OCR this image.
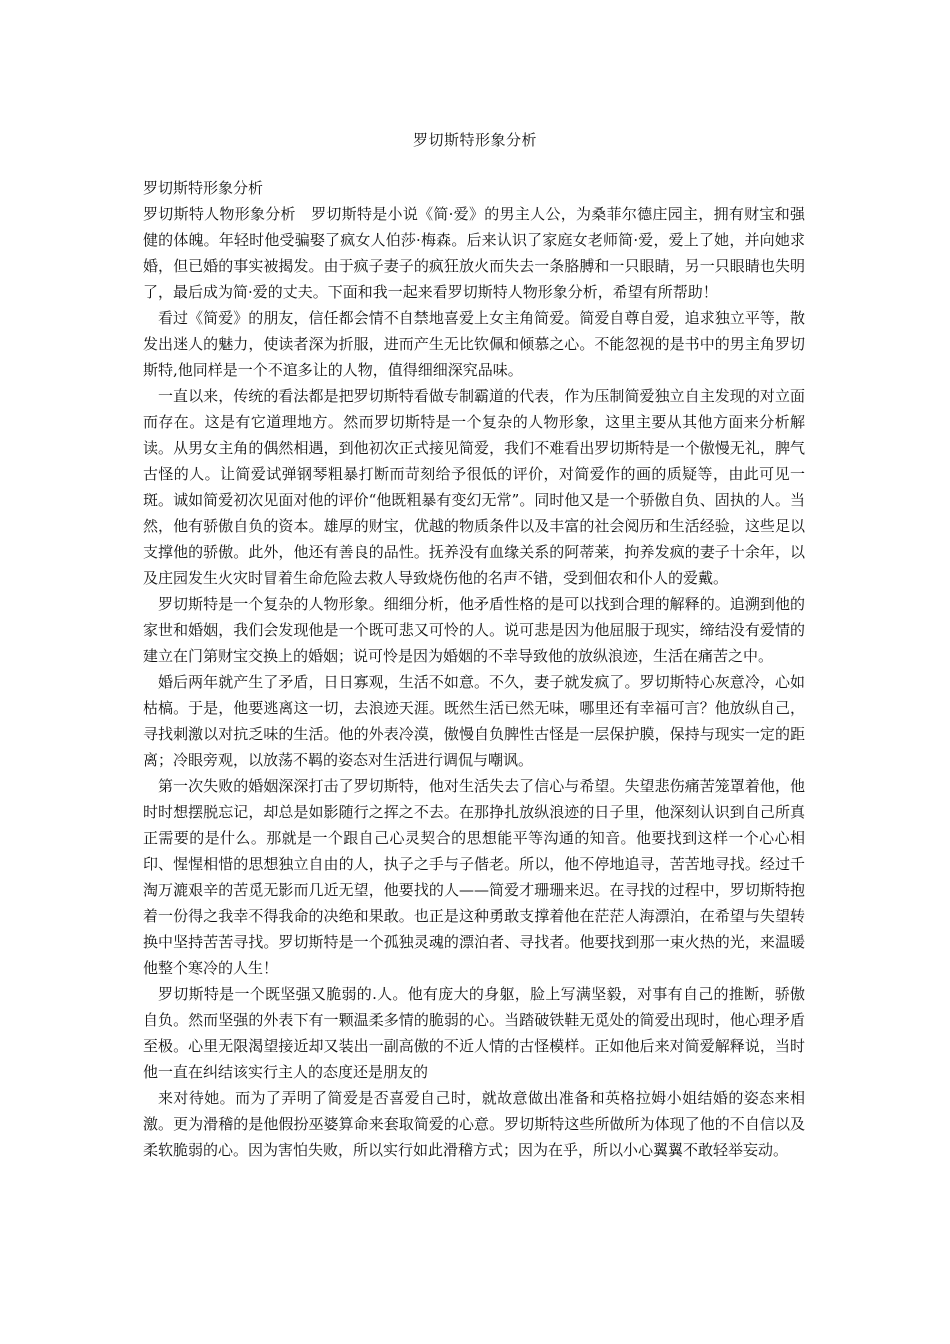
罗切斯特形象分析

罗切斯特形象分析

罗切斯特人物形象分析　罗切斯特是小说《简·爱》的男主人公，为桑菲尔德庄园主，拥有财宝和强健的体魄。年轻时他受骗娶了疯女人伯莎·梅森。后来认识了家庭女老师简·爱，爱上了她，并向她求婚，但已婚的事实被揭发。由于疯子妻子的疯狂放火而失去一条胳膊和一只眼睛，另一只眼睛也失明了，最后成为简·爱的丈夫。下面和我一起来看罗切斯特人物形象分析，希望有所帮助！

看过《简爱》的朋友，信任都会情不自禁地喜爱上女主角简爱。简爱自尊自爱，追求独立平等，散发出迷人的魅力，使读者深为折服，进而产生无比钦佩和倾慕之心。不能忽视的是书中的男主角罗切斯特,他同样是一个不逭多让的人物，值得细细深究品味。

一直以来，传统的看法都是把罗切斯特看做专制霸道的代表，作为压制简爱独立自主发现的对立面而存在。这是有它道理地方。然而罗切斯特是一个复杂的人物形象，这里主要从其他方面来分析解读。从男女主角的偶然相遇，到他初次正式接见简爱，我们不难看出罗切斯特是一个傲慢无礼，脾气古怪的人。让简爱试弹钢琴粗暴打断而苛刻给予很低的评价，对简爱作的画的质疑等，由此可见一斑。诚如简爱初次见面对他的评价“他既粗暴有变幻无常”。同时他又是一个骄傲自负、固执的人。当然，他有骄傲自负的资本。雄厚的财宝，优越的物质条件以及丰富的社会阅历和生活经验，这些足以支撑他的骄傲。此外，他还有善良的品性。抚养没有血缘关系的阿蒂莱，拘养发疯的妻子十余年，以及庄园发生火灾时冒着生命危险去救人导致烧伤他的名声不错，受到佃农和仆人的爱戴。

罗切斯特是一个复杂的人物形象。细细分析，他矛盾性格的是可以找到合理的解释的。追溯到他的家世和婚姻，我们会发现他是一个既可悲又可怜的人。说可悲是因为他屈服于现实，缔结没有爱情的建立在门第财宝交换上的婚姻；说可怜是因为婚姻的不幸导致他的放纵浪迹，生活在痛苦之中。

婚后两年就产生了矛盾，日日寡观，生活不如意。不久，妻子就发疯了。罗切斯特心灰意冷，心如枯槁。于是，他要逃离这一切，去浪迹天涯。既然生活已然无味，哪里还有幸福可言？他放纵自己，寻找刺激以对抗乏味的生活。他的外表冷漠，傲慢自负脾性古怪是一层保护膜，保持与现实一定的距离；冷眼旁观，以放荡不羁的姿态对生活进行调侃与嘲讽。

第一次失败的婚姻深深打击了罗切斯特，他对生活失去了信心与希望。失望悲伤痛苦笼罩着他，他时时想摆脱忘记，却总是如影随行之挥之不去。在那挣扎放纵浪迹的日子里，他深刻认识到自己所真正需要的是什么。那就是一个跟自己心灵契合的思想能平等沟通的知音。他要找到这样一个心心相印、惺惺相惜的思想独立自由的人，执子之手与子偕老。所以，他不停地追寻，苦苦地寻找。经过千淘万漉艰辛的苦觅无影而几近无望，他要找的人——简爱才珊珊来迟。在寻找的过程中，罗切斯特抱着一份得之我幸不得我命的决绝和果敢。也正是这种勇敢支撑着他在茫茫人海漂泊，在希望与失望转换中坚持苦苦寻找。罗切斯特是一个孤独灵魂的漂泊者、寻找者。他要找到那一束火热的光，来温暖他整个寒冷的人生！

罗切斯特是一个既坚强又脆弱的.人。他有庞大的身躯，脸上写满坚毅，对事有自己的推断，骄傲自负。然而坚强的外表下有一颗温柔多情的脆弱的心。当踏破铁鞋无觅处的简爱出现时，他心理矛盾至极。心里无限渴望接近却又装出一副高傲的不近人情的古怪模样。正如他后来对简爱解释说，当时他一直在纠结该实行主人的态度还是朋友的

来对待她。而为了弄明了简爱是否喜爱自己时，就故意做出准备和英格拉姆小姐结婚的姿态来相激。更为滑稽的是他假扮巫婆算命来套取简爱的心意。罗切斯特这些所做所为体现了他的不自信以及柔软脆弱的心。因为害怕失败，所以实行如此滑稽方式；因为在乎，所以小心翼翼不敢轻举妄动。
